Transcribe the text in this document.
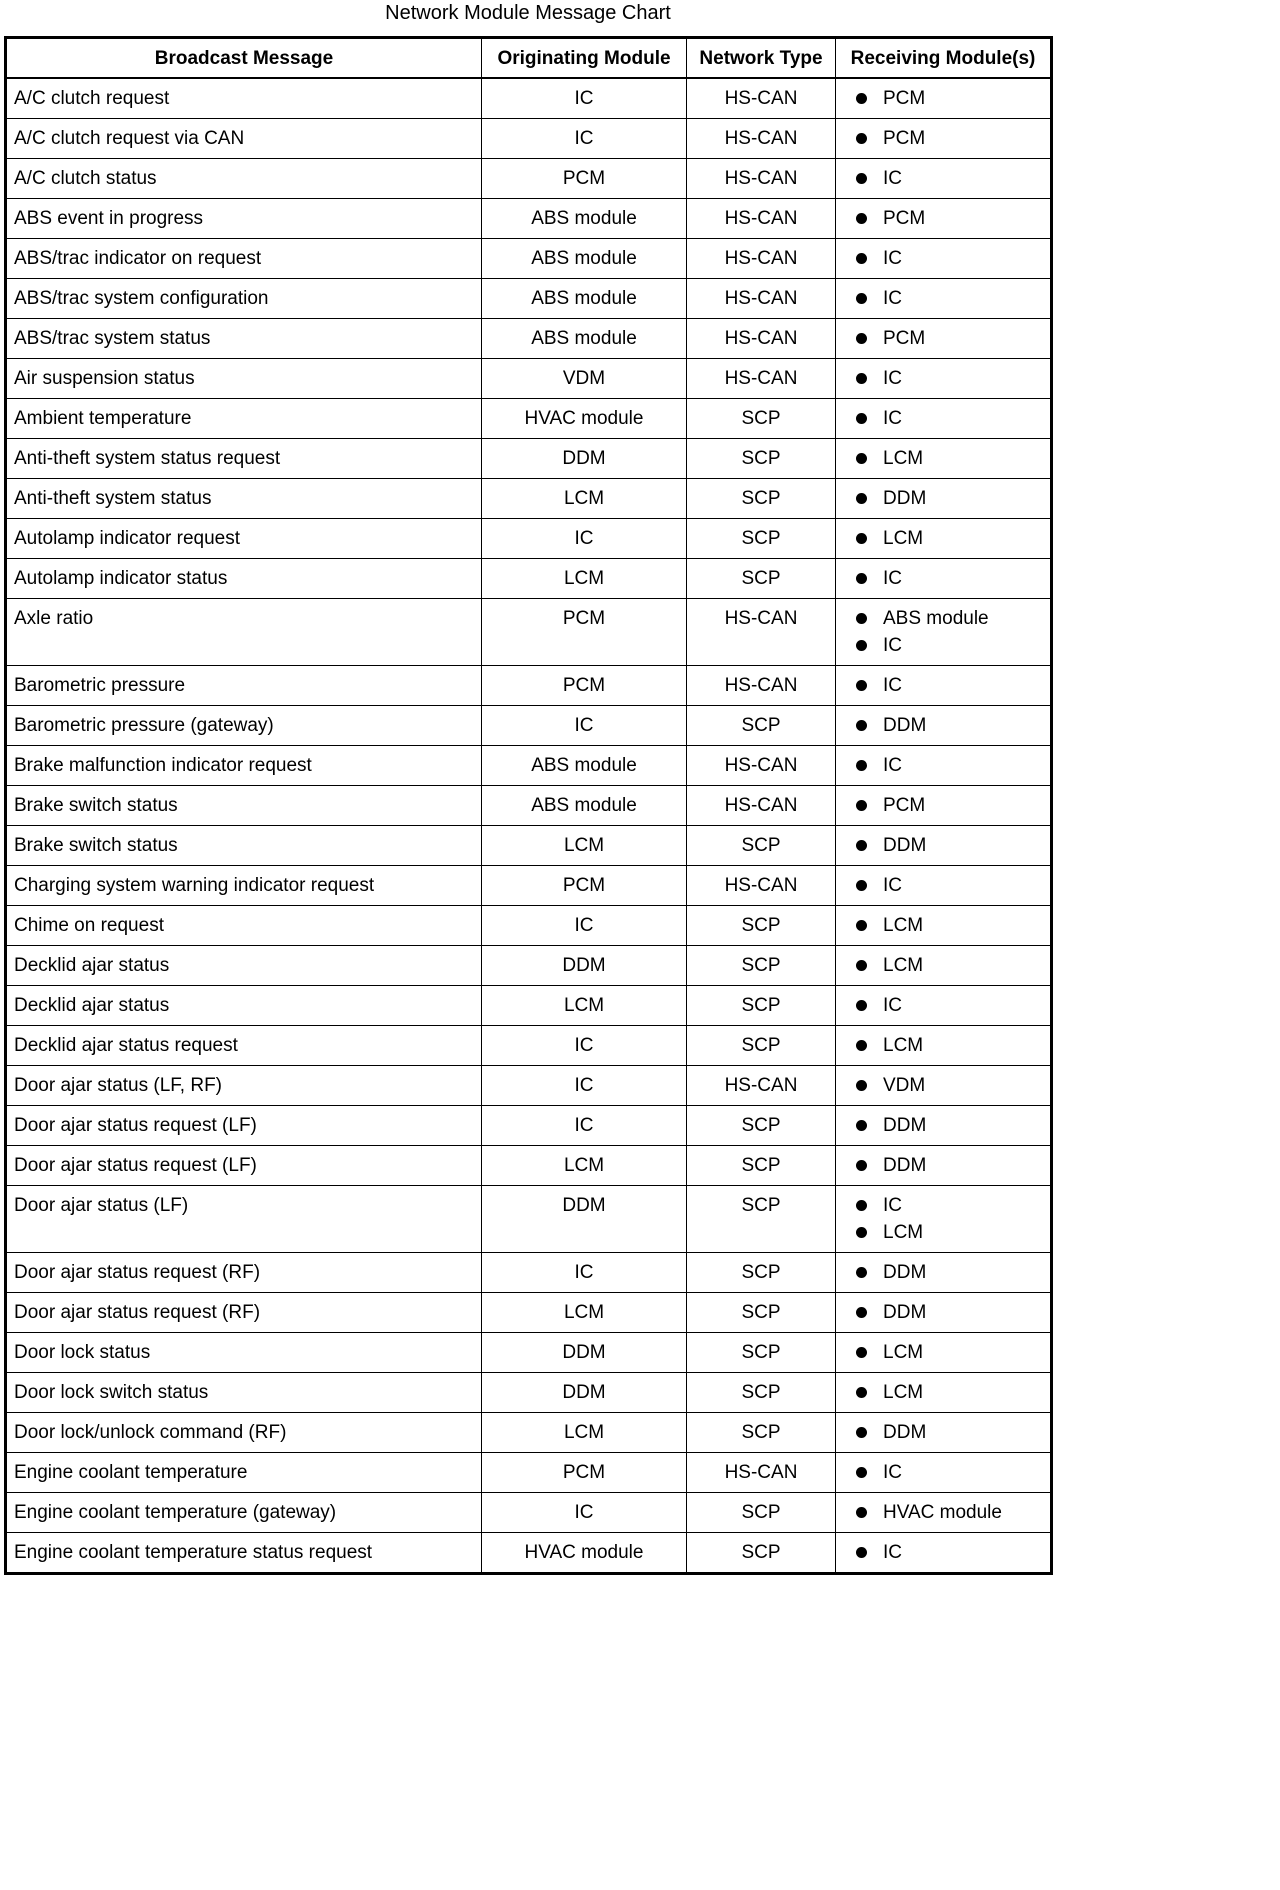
Network Module Message Chart
Broadcast Message	Originating Module	Network Type	Receiving Module(s)
A/C clutch request	IC	HS-CAN	PCM

A/C clutch request via CAN	IC	HS-CAN	PCM

A/C clutch status	PCM	HS-CAN	IC

ABS event in progress	ABS module	HS-CAN	PCM

ABS/trac indicator on request	ABS module	HS-CAN	IC

ABS/trac system configuration	ABS module	HS-CAN	IC

ABS/trac system status	ABS module	HS-CAN	PCM

Air suspension status	VDM	HS-CAN	IC

Ambient temperature	HVAC module	SCP	IC

Anti-theft system status request	DDM	SCP	LCM

Anti-theft system status	LCM	SCP	DDM

Autolamp indicator request	IC	SCP	LCM

Autolamp indicator status	LCM	SCP	IC

Axle ratio	PCM	HS-CAN	ABS module
IC

Barometric pressure	PCM	HS-CAN	IC

Barometric pressure (gateway)	IC	SCP	DDM

Brake malfunction indicator request	ABS module	HS-CAN	IC

Brake switch status	ABS module	HS-CAN	PCM

Brake switch status	LCM	SCP	DDM

Charging system warning indicator request	PCM	HS-CAN	IC

Chime on request	IC	SCP	LCM

Decklid ajar status	DDM	SCP	LCM

Decklid ajar status	LCM	SCP	IC

Decklid ajar status request	IC	SCP	LCM

Door ajar status (LF, RF)	IC	HS-CAN	VDM

Door ajar status request (LF)	IC	SCP	DDM

Door ajar status request (LF)	LCM	SCP	DDM

Door ajar status (LF)	DDM	SCP	IC
LCM

Door ajar status request (RF)	IC	SCP	DDM

Door ajar status request (RF)	LCM	SCP	DDM

Door lock status	DDM	SCP	LCM

Door lock switch status	DDM	SCP	LCM

Door lock/unlock command (RF)	LCM	SCP	DDM

Engine coolant temperature	PCM	HS-CAN	IC

Engine coolant temperature (gateway)	IC	SCP	HVAC module

Engine coolant temperature status request	HVAC module	SCP	IC
